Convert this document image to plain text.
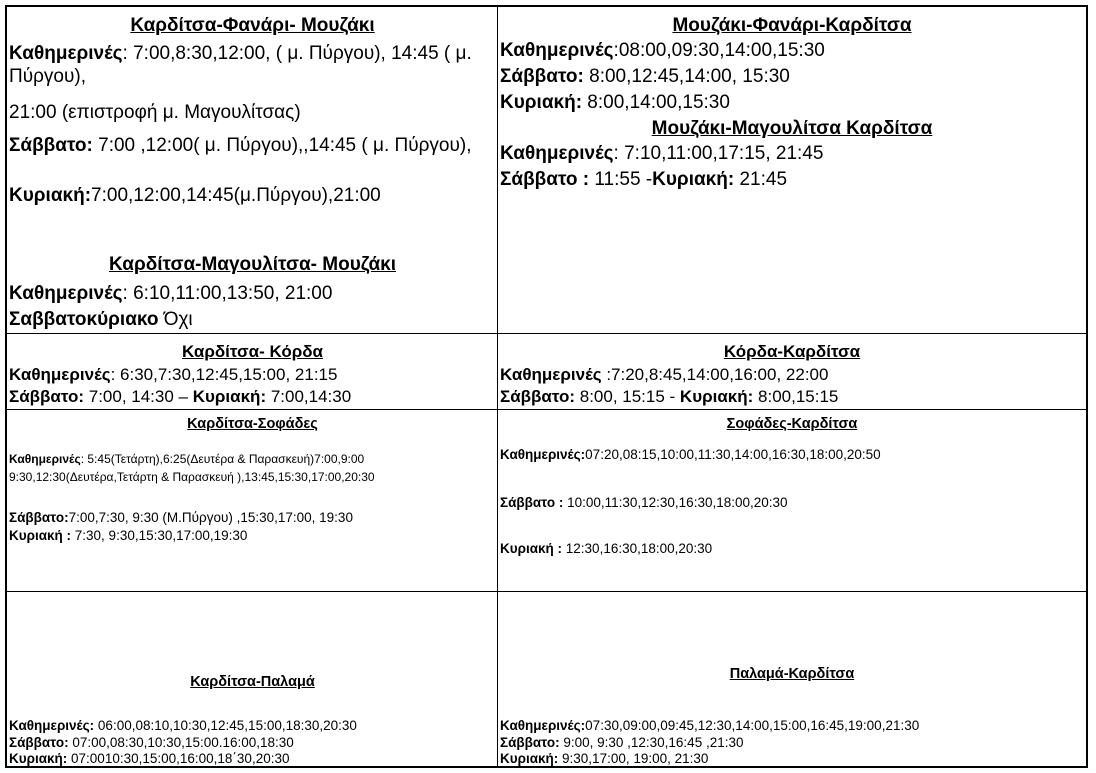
Καρδίτσα-Φανάρι- Μουζάκι
Καθημερινές: 7:00,8:30,12:00, ( μ. Πύργου), 14:45 ( μ. Πύργου),
21:00 (επιστροφή μ. Μαγουλίτσας)
Σάββατο: 7:00 ,12:00( μ. Πύργου),,14:45 ( μ. Πύργου),
Κυριακή:7:00,12:00,14:45(μ.Πύργου),21:00
Καρδίτσα-Μαγουλίτσα- Μουζάκι
Καθημερινές: 6:10,11:00,13:50, 21:00
Σαββατοκύριακο Όχι
Μουζάκι-Φανάρι-Καρδίτσα
Καθημερινές:08:00,09:30,14:00,15:30
Σάββατο: 8:00,12:45,14:00, 15:30
Κυριακή: 8:00,14:00,15:30
Μουζάκι-Μαγουλίτσα Καρδίτσα
Καθημερινές: 7:10,11:00,17:15, 21:45
Σάββατο : 11:55 -Κυριακή: 21:45
Καρδίτσα- Κόρδα
Καθημερινές: 6:30,7:30,12:45,15:00, 21:15
Σάββατο: 7:00, 14:30 – Κυριακή: 7:00,14:30
Κόρδα-Καρδίτσα
Καθημερινές :7:20,8:45,14:00,16:00, 22:00
Σάββατο: 8:00, 15:15 - Κυριακή: 8:00,15:15
Καρδίτσα-Σοφάδες
Καθημερινές: 5:45(Τετάρτη),6:25(Δευτέρα & Παρασκευή)7:00,9:00
9:30,12:30(Δευτέρα,Τετάρτη & Παρασκευή ),13:45,15:30,17:00,20:30
Σάββατο:7:00,7:30, 9:30 (Μ.Πύργου) ,15:30,17:00, 19:30
Κυριακή : 7:30, 9:30,15:30,17:00,19:30
Σοφάδες-Καρδίτσα
Καθημερινές:07:20,08:15,10:00,11:30,14:00,16:30,18:00,20:50
Σάββατο : 10:00,11:30,12:30,16:30,18:00,20:30
Κυριακή : 12:30,16:30,18:00,20:30
Καρδίτσα-Παλαμά
Καθημερινές: 06:00,08:10,10:30,12:45,15:00,18:30,20:30
Σάββατο: 07:00,08:30,10:30,15:00.16:00,18:30
Κυριακή: 07:0010:30,15:00,16:00,18΄30,20:30
Παλαμά-Καρδίτσα
Καθημερινές:07:30,09:00,09:45,12:30,14:00,15:00,16:45,19:00,21:30
Σάββατο: 9:00, 9:30 ,12:30,16:45 ,21:30
Κυριακή: 9:30,17:00, 19:00, 21:30
